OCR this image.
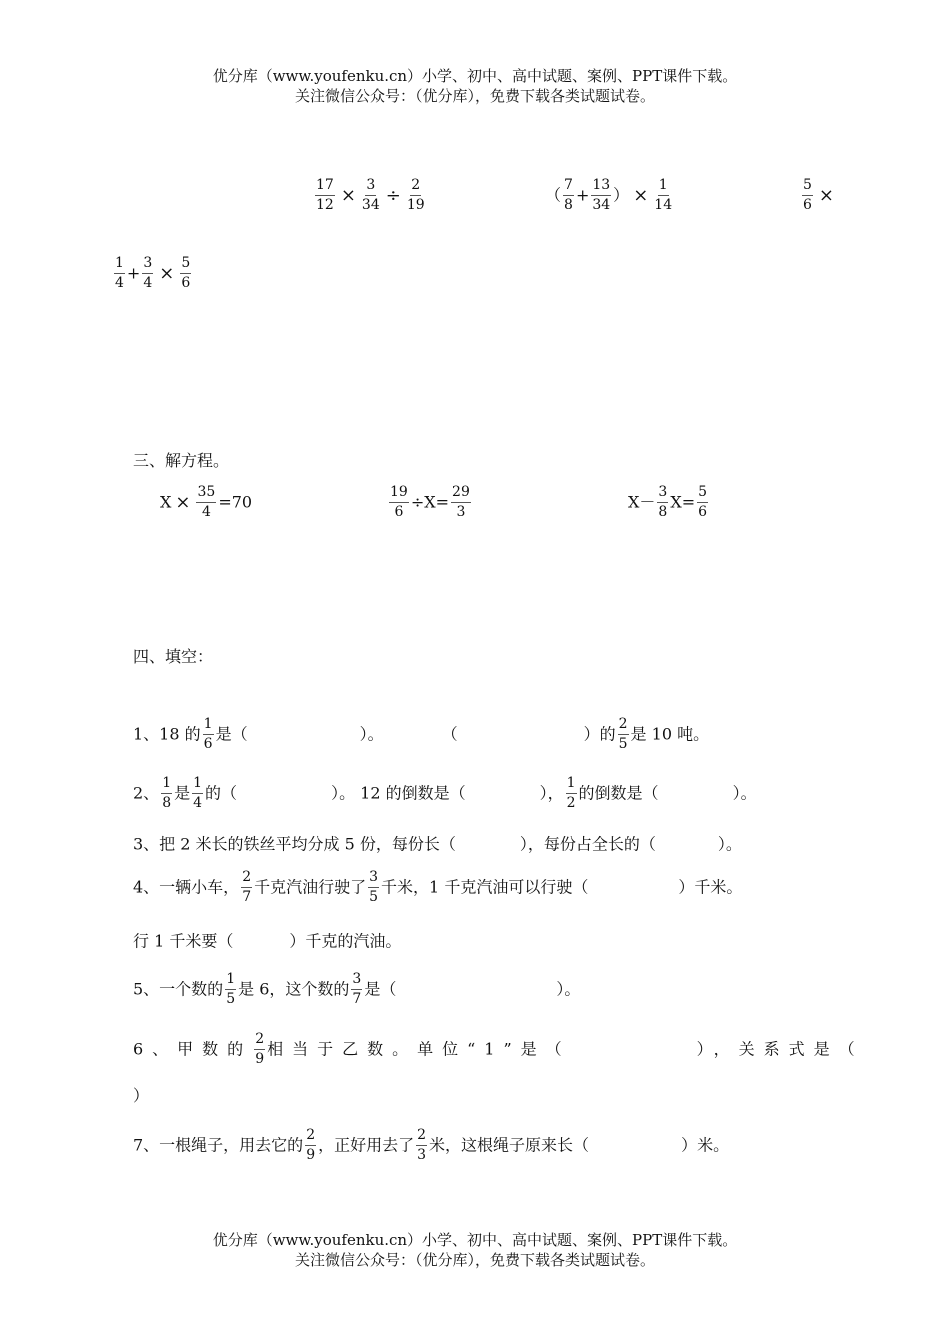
优分库（www.youfenku.cn）小学、初中、高中试题、案例、PPT课件下载。
关注微信公众号：（优分库），免费下载各类试题试卷。
$\frac{17}{12} \times \frac{3}{34} \div \frac{2}{19}$	（ $\frac{7}{8} + \frac{13}{34}$ ） × $\frac{1}{14}$	$\frac{5}{6}$ ×
$\frac{1}{4} + \frac{3}{4} \times \frac{5}{6}$
三、解方程。
$X \times \frac{35}{4} =70$	$\frac{19}{6} \div X= \frac{29}{3}$	$X- \frac{3}{8} X= \frac{5}{6}$
四、填空：
1、18 的 $\frac{1}{6}$ 是（	）。	（	）的 $\frac{2}{5}$ 是 10 吨。
2、 $\frac{1}{8}$ 是 $\frac{1}{4}$ 的（	）。 12 的倒数是（	）， $\frac{1}{2}$ 的倒数是（	）。
3、把 2 米长的铁丝平均分成 5 份，每份长（	），每份占全长的（	）。
4、一辆小车， $\frac{2}{7}$ 千克汽油行驶了 $\frac{3}{5}$ 千米，1 千克汽油可以行驶（	）千米。
行 1 千米要（	）千克的汽油。
5、一个数的 $\frac{1}{5}$ 是 6，这个数的 $\frac{3}{7}$ 是（	）。
6、甲数的 $\frac{2}{9}$ 相当于乙数。单位“1”是（	），关系式是（
）
7、一根绳子，用去它的 $\frac{2}{9}$ ，正好用去了 $\frac{2}{3}$ 米，这根绳子原来长（	）米。
优分库（www.youfenku.cn）小学、初中、高中试题、案例、PPT课件下载。
关注微信公众号：（优分库），免费下载各类试题试卷。
